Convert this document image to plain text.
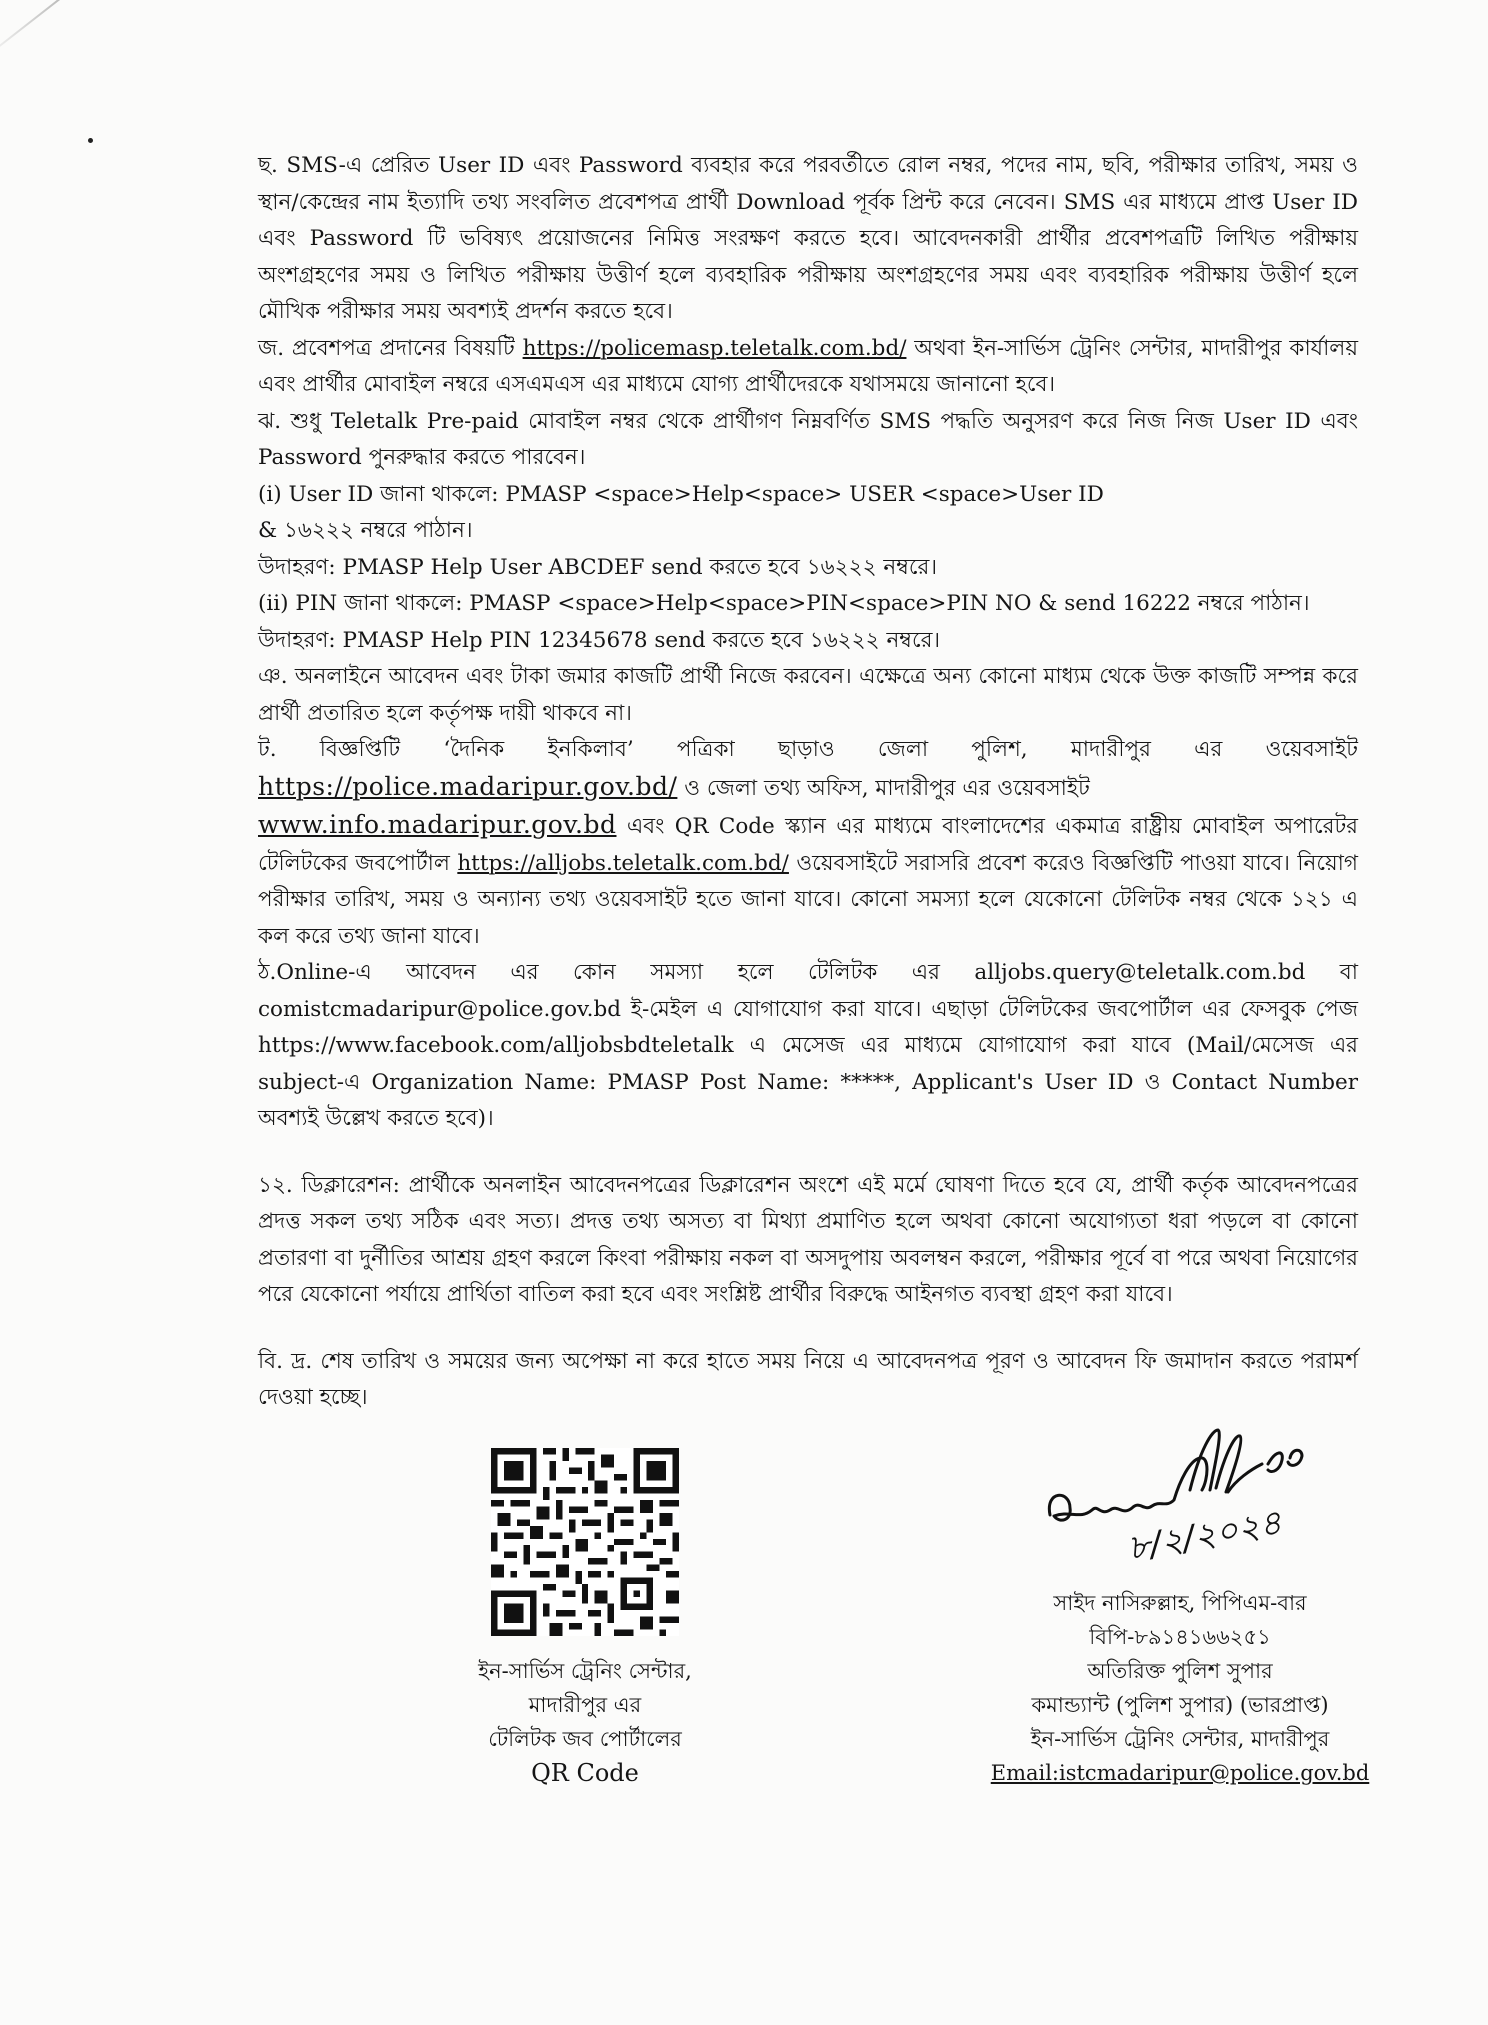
ছ. SMS-এ প্রেরিত User ID এবং Password ব্যবহার করে পরবর্তীতে রোল নম্বর, পদের নাম, ছবি, পরীক্ষার তারিখ, সময় ও স্থান/কেন্দ্রের নাম ইত্যাদি তথ্য সংবলিত প্রবেশপত্র প্রার্থী Download পূর্বক প্রিন্ট করে নেবেন। SMS এর মাধ্যমে প্রাপ্ত User ID এবং Password টি ভবিষ্যৎ প্রয়োজনের নিমিত্ত সংরক্ষণ করতে হবে। আবেদনকারী প্রার্থীর প্রবেশপত্রটি লিখিত পরীক্ষায় অংশগ্রহণের সময় ও লিখিত পরীক্ষায় উত্তীর্ণ হলে ব্যবহারিক পরীক্ষায় অংশগ্রহণের সময় এবং ব্যবহারিক পরীক্ষায় উত্তীর্ণ হলে মৌখিক পরীক্ষার সময় অবশ্যই প্রদর্শন করতে হবে।

জ. প্রবেশপত্র প্রদানের বিষয়টি https://policemasp.teletalk.com.bd/ অথবা ইন-সার্ভিস ট্রেনিং সেন্টার, মাদারীপুর কার্যালয় এবং প্রার্থীর মোবাইল নম্বরে এসএমএস এর মাধ্যমে যোগ্য প্রার্থীদেরকে যথাসময়ে জানানো হবে।

ঝ. শুধু Teletalk Pre-paid মোবাইল নম্বর থেকে প্রার্থীগণ নিম্নবর্ণিত SMS পদ্ধতি অনুসরণ করে নিজ নিজ User ID এবং Password পুনরুদ্ধার করতে পারবেন।

(i) User ID জানা থাকলে: PMASP <space>Help<space> USER <space>User ID

& ১৬২২২ নম্বরে পাঠান।

উদাহরণ: PMASP Help User ABCDEF send করতে হবে ১৬২২২ নম্বরে।

(ii) PIN জানা থাকলে: PMASP <space>Help<space>PIN<space>PIN NO & send 16222 নম্বরে পাঠান।

উদাহরণ: PMASP Help PIN 12345678 send করতে হবে ১৬২২২ নম্বরে।

ঞ. অনলাইনে আবেদন এবং টাকা জমার কাজটি প্রার্থী নিজে করবেন। এক্ষেত্রে অন্য কোনো মাধ্যম থেকে উক্ত কাজটি সম্পন্ন করে প্রার্থী প্রতারিত হলে কর্তৃপক্ষ দায়ী থাকবে না।

ট. বিজ্ঞপ্তিটি ‘দৈনিক ইনকিলাব’ পত্রিকা ছাড়াও জেলা পুলিশ, মাদারীপুর এর ওয়েবসাইট
https://police.madaripur.gov.bd/ ও জেলা তথ্য অফিস, মাদারীপুর এর ওয়েবসাইট
www.info.madaripur.gov.bd এবং QR Code স্ক্যান এর মাধ্যমে বাংলাদেশের একমাত্র রাষ্ট্রীয় মোবাইল অপারেটর টেলিটকের জবপোর্টাল https://alljobs.teletalk.com.bd/ ওয়েবসাইটে সরাসরি প্রবেশ করেও বিজ্ঞপ্তিটি পাওয়া যাবে। নিয়োগ পরীক্ষার তারিখ, সময় ও অন্যান্য তথ্য ওয়েবসাইট হতে জানা যাবে। কোনো সমস্যা হলে যেকোনো টেলিটক নম্বর থেকে ১২১ এ কল করে তথ্য জানা যাবে।

ঠ.Online-এ আবেদন এর কোন সমস্যা হলে টেলিটক এর alljobs.query@teletalk.com.bd বা comistcmadaripur@police.gov.bd ই-মেইল এ যোগাযোগ করা যাবে। এছাড়া টেলিটকের জবপোর্টাল এর ফেসবুক পেজ https://www.facebook.com/alljobsbdteletalk এ মেসেজ এর মাধ্যমে যোগাযোগ করা যাবে (Mail/মেসেজ এর subject-এ Organization Name: PMASP Post Name: *****, Applicant's User ID ও Contact Number অবশ্যই উল্লেখ করতে হবে)।

১২. ডিক্লারেশন: প্রার্থীকে অনলাইন আবেদনপত্রের ডিক্লারেশন অংশে এই মর্মে ঘোষণা দিতে হবে যে, প্রার্থী কর্তৃক আবেদনপত্রের প্রদত্ত সকল তথ্য সঠিক এবং সত্য। প্রদত্ত তথ্য অসত্য বা মিথ্যা প্রমাণিত হলে অথবা কোনো অযোগ্যতা ধরা পড়লে বা কোনো প্রতারণা বা দুর্নীতির আশ্রয় গ্রহণ করলে কিংবা পরীক্ষায় নকল বা অসদুপায় অবলম্বন করলে, পরীক্ষার পূর্বে বা পরে অথবা নিয়োগের পরে যেকোনো পর্যায়ে প্রার্থিতা বাতিল করা হবে এবং সংশ্লিষ্ট প্রার্থীর বিরুদ্ধে আইনগত ব্যবস্থা গ্রহণ করা যাবে।

বি. দ্র. শেষ তারিখ ও সময়ের জন্য অপেক্ষা না করে হাতে সময় নিয়ে এ আবেদনপত্র পূরণ ও আবেদন ফি জমাদান করতে পরামর্শ দেওয়া হচ্ছে।

ইন-সার্ভিস ট্রেনিং সেন্টার,
মাদারীপুর এর
টেলিটক জব পোর্টালের
QR Code
৮/২/২০২৪
সাইদ নাসিরুল্লাহ, পিপিএম-বার
বিপি-৮৯১৪১৬৬২৫১
অতিরিক্ত পুলিশ সুপার
কমান্ড্যান্ট (পুলিশ সুপার) (ভারপ্রাপ্ত)
ইন-সার্ভিস ট্রেনিং সেন্টার, মাদারীপুর
Email:istcmadaripur@police.gov.bd
